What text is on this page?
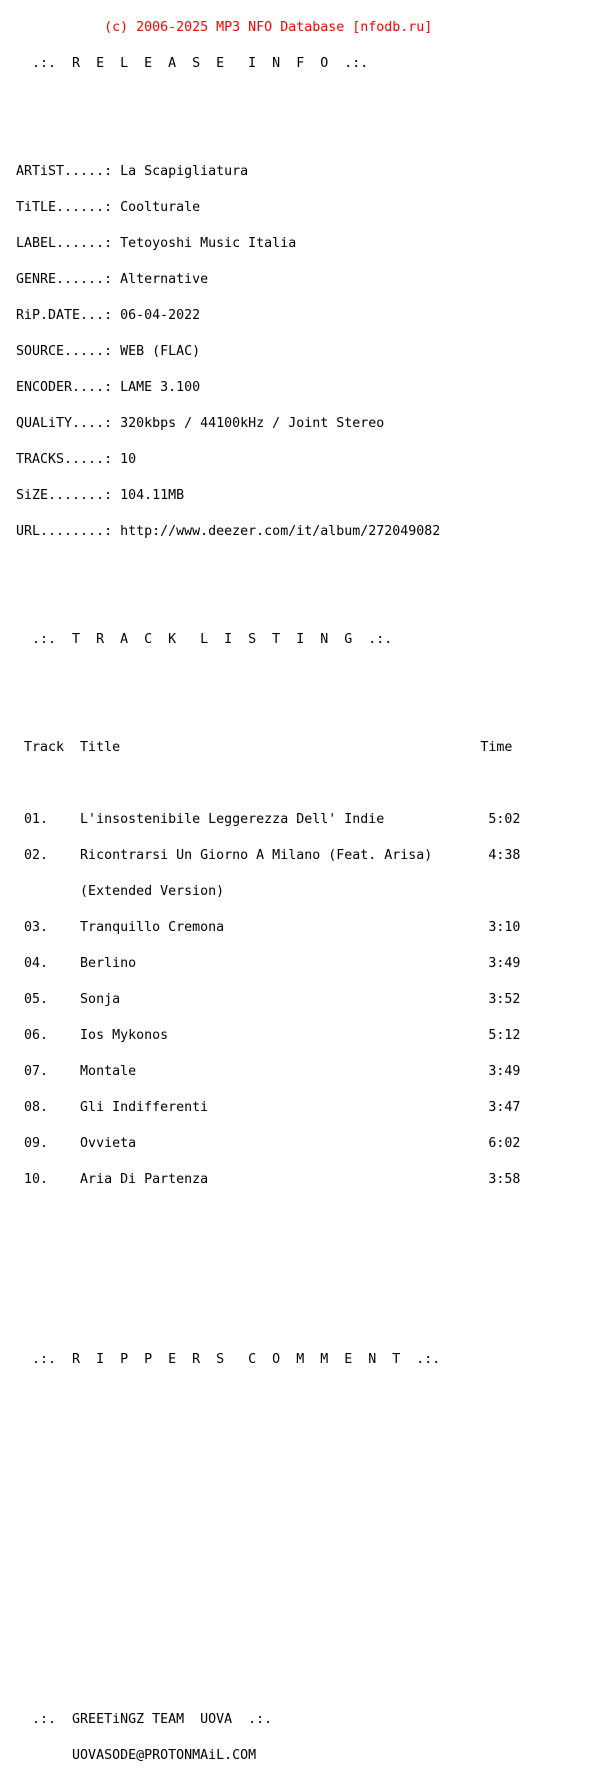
(c) 2006-2025 MP3 NFO Database [nfodb.ru]

.:.  R  E  L  E  A  S  E   I  N  F  O  .:.

ARTiST.....: La Scapigliatura

TiTLE......: Coolturale

LABEL......: Tetoyoshi Music Italia

GENRE......: Alternative

RiP.DATE...: 06-04-2022

SOURCE.....: WEB (FLAC)

ENCODER....: LAME 3.100

QUALiTY....: 320kbps / 44100kHz / Joint Stereo

TRACKS.....: 10

SiZE.......: 104.11MB

URL........: http://www.deezer.com/it/album/272049082

.:.  T  R  A  C  K   L  I  S  T  I  N  G  .:.

Track  Title                                             Time

01.    L'insostenibile Leggerezza Dell' Indie             5:02

02.    Ricontrarsi Un Giorno A Milano (Feat. Arisa)       4:38

(Extended Version)

03.    Tranquillo Cremona                                 3:10

04.    Berlino                                            3:49

05.    Sonja                                              3:52

06.    Ios Mykonos                                        5:12

07.    Montale                                            3:49

08.    Gli Indifferenti                                   3:47

09.    Ovvieta                                            6:02

10.    Aria Di Partenza                                   3:58

.:.  R  I  P  P  E  R  S   C  O  M  M  E  N  T  .:.

.:.  GREETiNGZ TEAM  UOVA  .:.

UOVASODE@PROTONMAiL.COM
